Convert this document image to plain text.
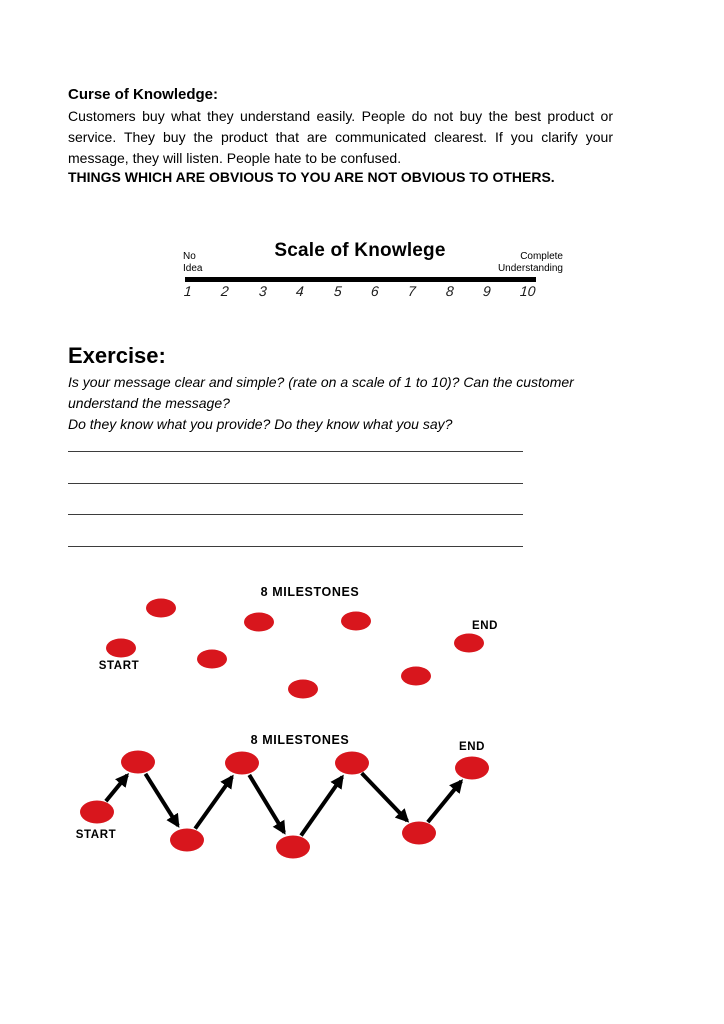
Curse of Knowledge:
Customers buy what they understand easily. People do not buy the best product or
service. They buy the product that are communicated clearest. If you clarify your
message, they will listen. People hate to be confused.
THINGS WHICH ARE OBVIOUS TO YOU ARE NOT OBVIOUS TO OTHERS.
Scale of Knowlege
No
Idea
Complete
Understanding
1 2 3 4 5 6 7 8 9 10
Exercise:
Is your message clear and simple? (rate on a scale of 1 to 10)? Can the customer
understand the message?
Do they know what you provide? Do they know what you say?
8 MILESTONES
START
END
8 MILESTONES
START
END
